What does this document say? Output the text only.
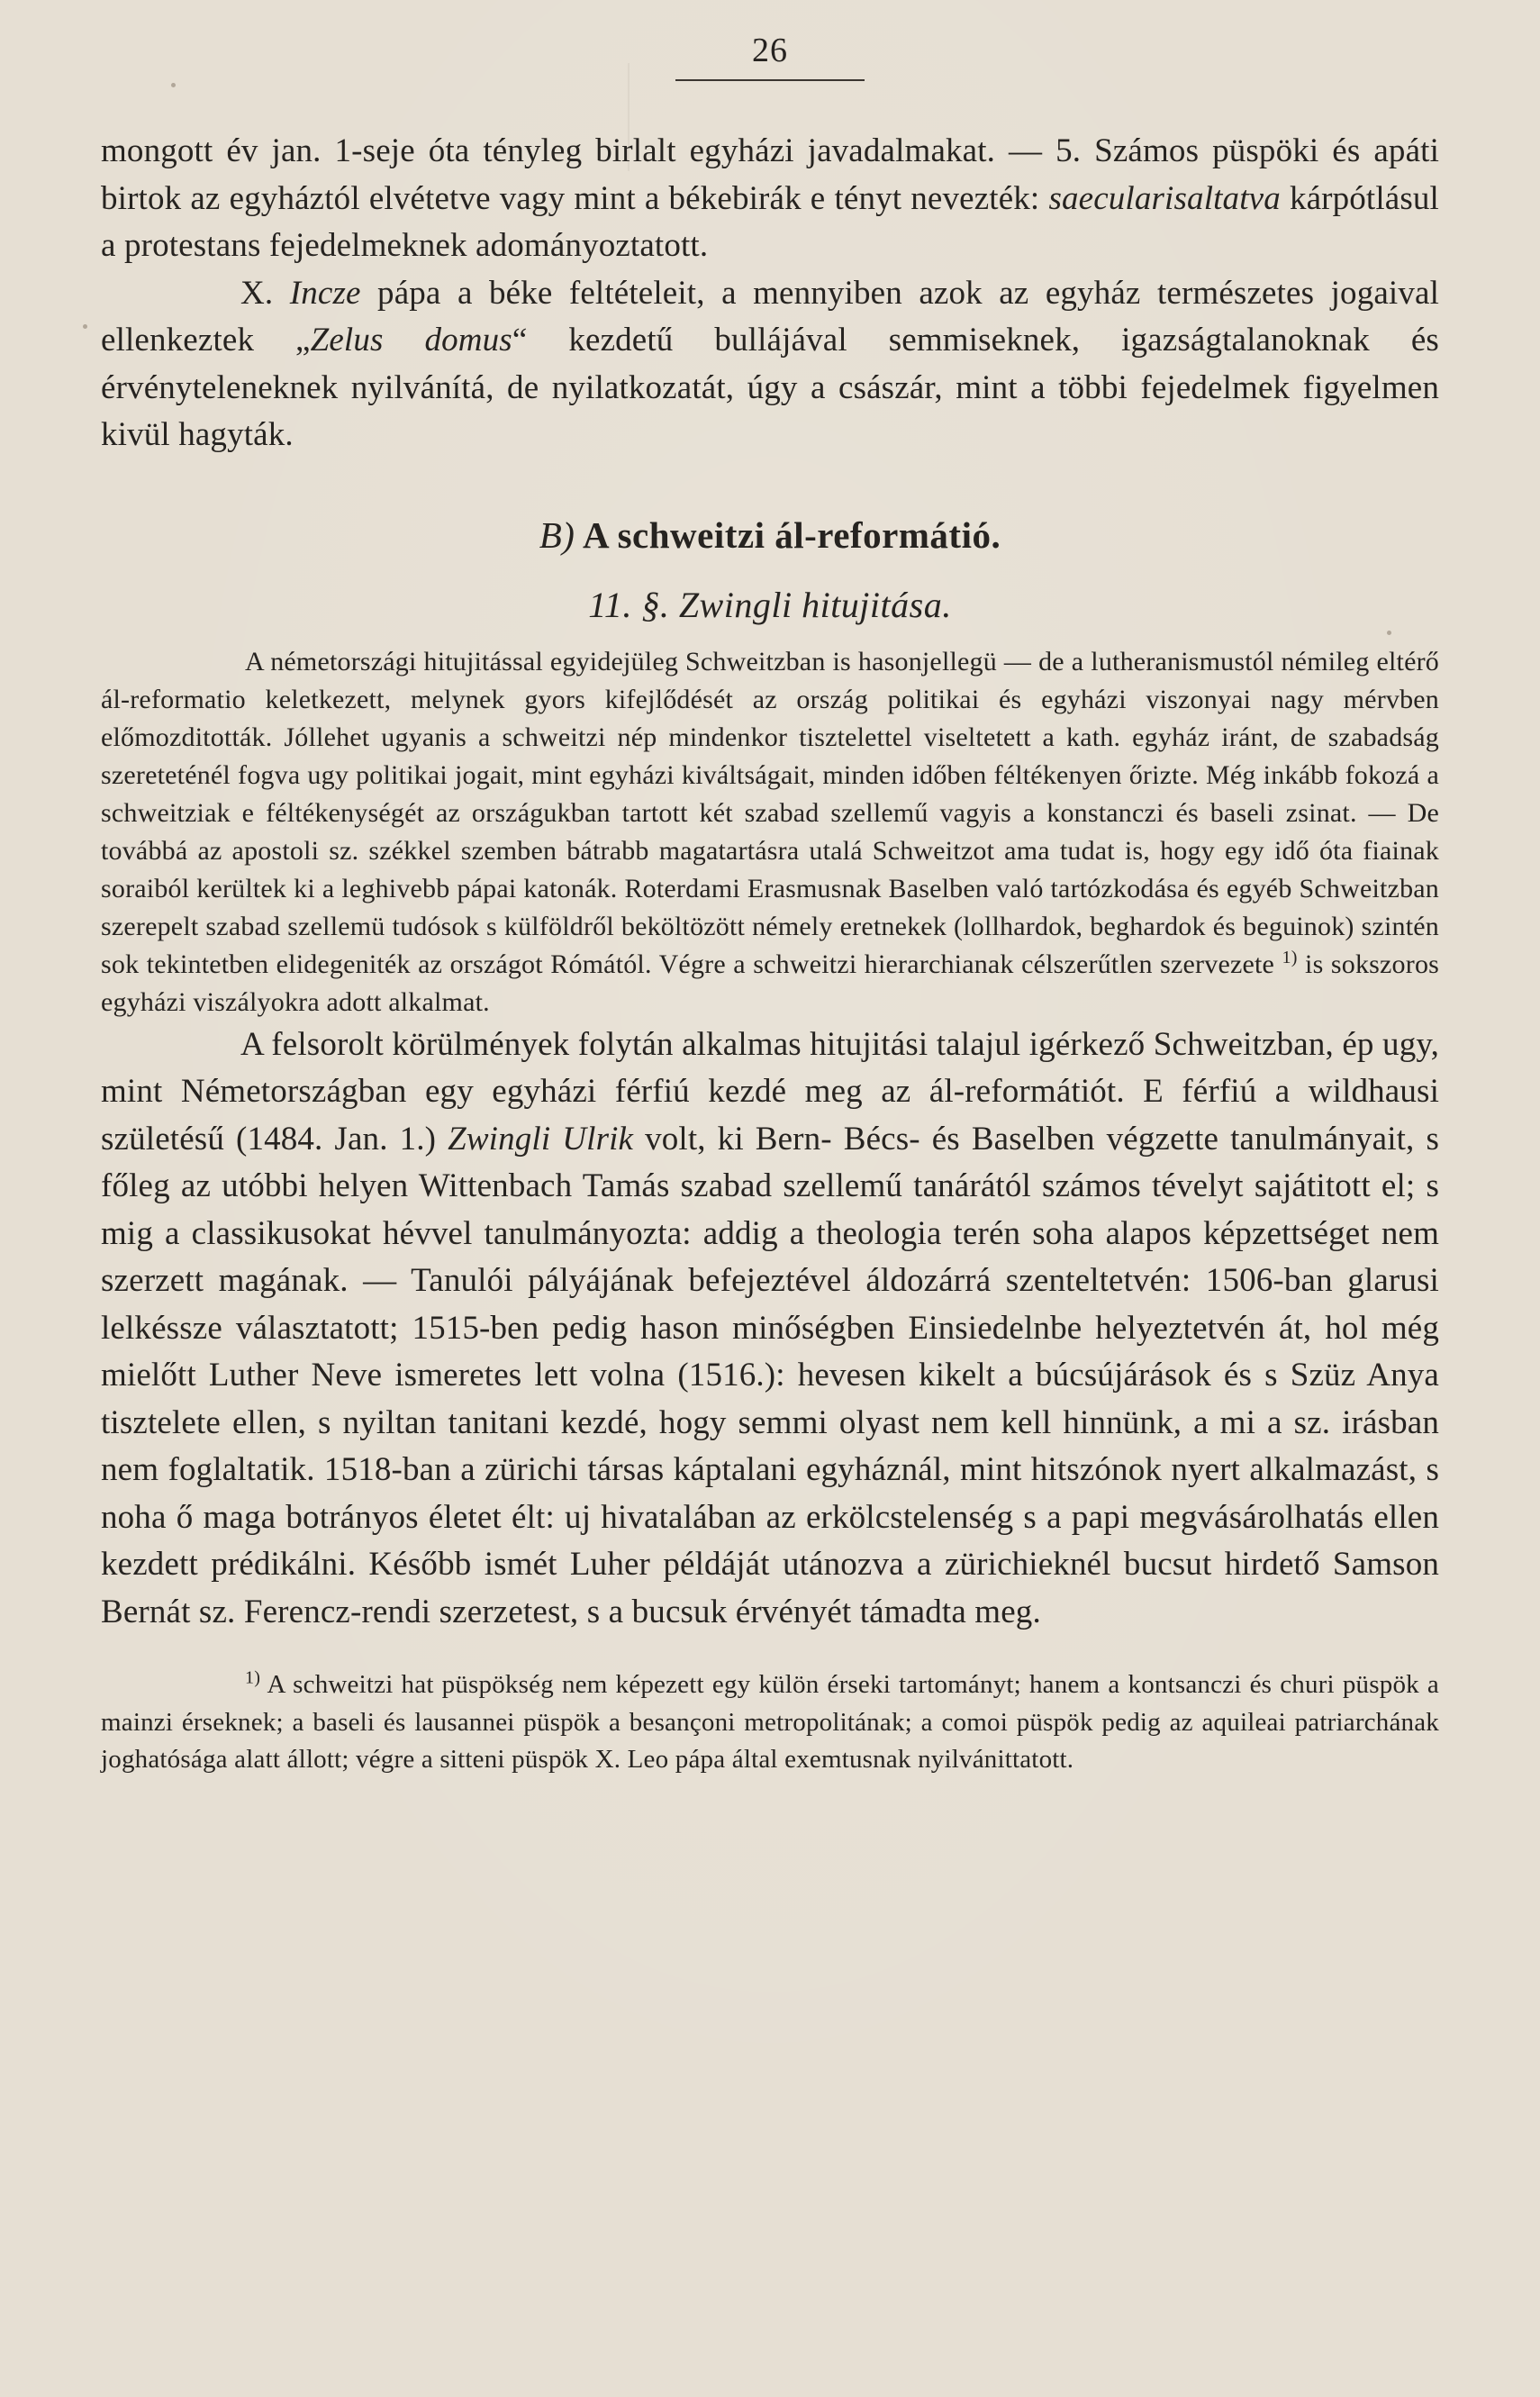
26

mongott év jan. 1-seje óta tényleg birlalt egyházi javadalmakat. — 5. Számos püspöki és apáti birtok az egyháztól elvétetve vagy mint a békebirák e tényt nevezték: saecularisaltatva kárpótlásul a protestans fejedelmeknek adományoztatott.

X. Incze pápa a béke feltételeit, a mennyiben azok az egyház természetes jogaival ellenkeztek „Zelus domus“ kezdetű bullájával semmiseknek, igazságtalanoknak és érvényteleneknek nyilvánítá, de nyilatkozatát, úgy a császár, mint a többi fejedelmek figyelmen kivül hagyták.

B) A schweitzi ál-reformátió.
11. §. Zwingli hitujitása.

A németországi hitujitással egyidejüleg Schweitzban is hasonjellegü — de a lutheranismustól némileg eltérő ál-reformatio keletkezett, melynek gyors kifejlődését az ország politikai és egyházi viszonyai nagy mérvben előmozditották. Jóllehet ugyanis a schweitzi nép mindenkor tisztelettel viseltetett a kath. egyház iránt, de szabadság szereteténél fogva ugy politikai jogait, mint egyházi kiváltságait, minden időben féltékenyen őrizte. Még inkább fokozá a schweitziak e féltékenységét az országukban tartott két szabad szellemű vagyis a konstanczi és baseli zsinat. — De továbbá az apostoli sz. székkel szemben bátrabb magatartásra utalá Schweitzot ama tudat is, hogy egy idő óta fiainak soraiból kerültek ki a leghivebb pápai katonák. Roterdami Erasmusnak Baselben való tartózkodása és egyéb Schweitzban szerepelt szabad szellemü tudósok s külföldről beköltözött némely eretnekek (lollhardok, beghardok és beguinok) szintén sok tekintetben elidegeniték az országot Rómától. Végre a schweitzi hierarchianak célszerűtlen szervezete $^{1)}$ is sokszoros egyházi viszályokra adott alkalmat.

A felsorolt körülmények folytán alkalmas hitujitási talajul igérkező Schweitzban, ép ugy, mint Németországban egy egyházi férfiú kezdé meg az ál-reformátiót. E férfiú a wildhausi születésű (1484. Jan. 1.) Zwingli Ulrik volt, ki Bern- Bécs- és Baselben végzette tanulmányait, s főleg az utóbbi helyen Wittenbach Tamás szabad szellemű tanárától számos tévelyt sajátitott el; s mig a classikusokat hévvel tanulmányozta: addig a theologia terén soha alapos képzettséget nem szerzett magának. — Tanulói pályájának befejeztével áldozárrá szenteltetvén: 1506-ban glarusi lelkéssze választatott; 1515-ben pedig hason minőségben Einsiedelnbe helyeztetvén át, hol még mielőtt Luther Neve ismeretes lett volna (1516.): hevesen kikelt a búcsújárások és s Szüz Anya tisztelete ellen, s nyiltan tanitani kezdé, hogy semmi olyast nem kell hinnünk, a mi a sz. irásban nem foglaltatik. 1518-ban a zürichi társas káptalani egyháznál, mint hitszónok nyert alkalmazást, s noha ő maga botrányos életet élt: uj hivatalában az erkölcstelenség s a papi megvásárolhatás ellen kezdett prédikálni. Később ismét Luher példáját utánozva a zürichieknél bucsut hirdető Samson Bernát sz. Ferencz-rendi szerzetest, s a bucsuk érvényét támadta meg.

$^{1)}$ A schweitzi hat püspökség nem képezett egy külön érseki tartományt; hanem a kontsanczi és churi püspök a mainzi érseknek; a baseli és lausannei püspök a besançoni metropolitának; a comoi püspök pedig az aquileai patriarchának joghatósága alatt állott; végre a sitteni püspök X. Leo pápa által exemtusnak nyilvánittatott.
